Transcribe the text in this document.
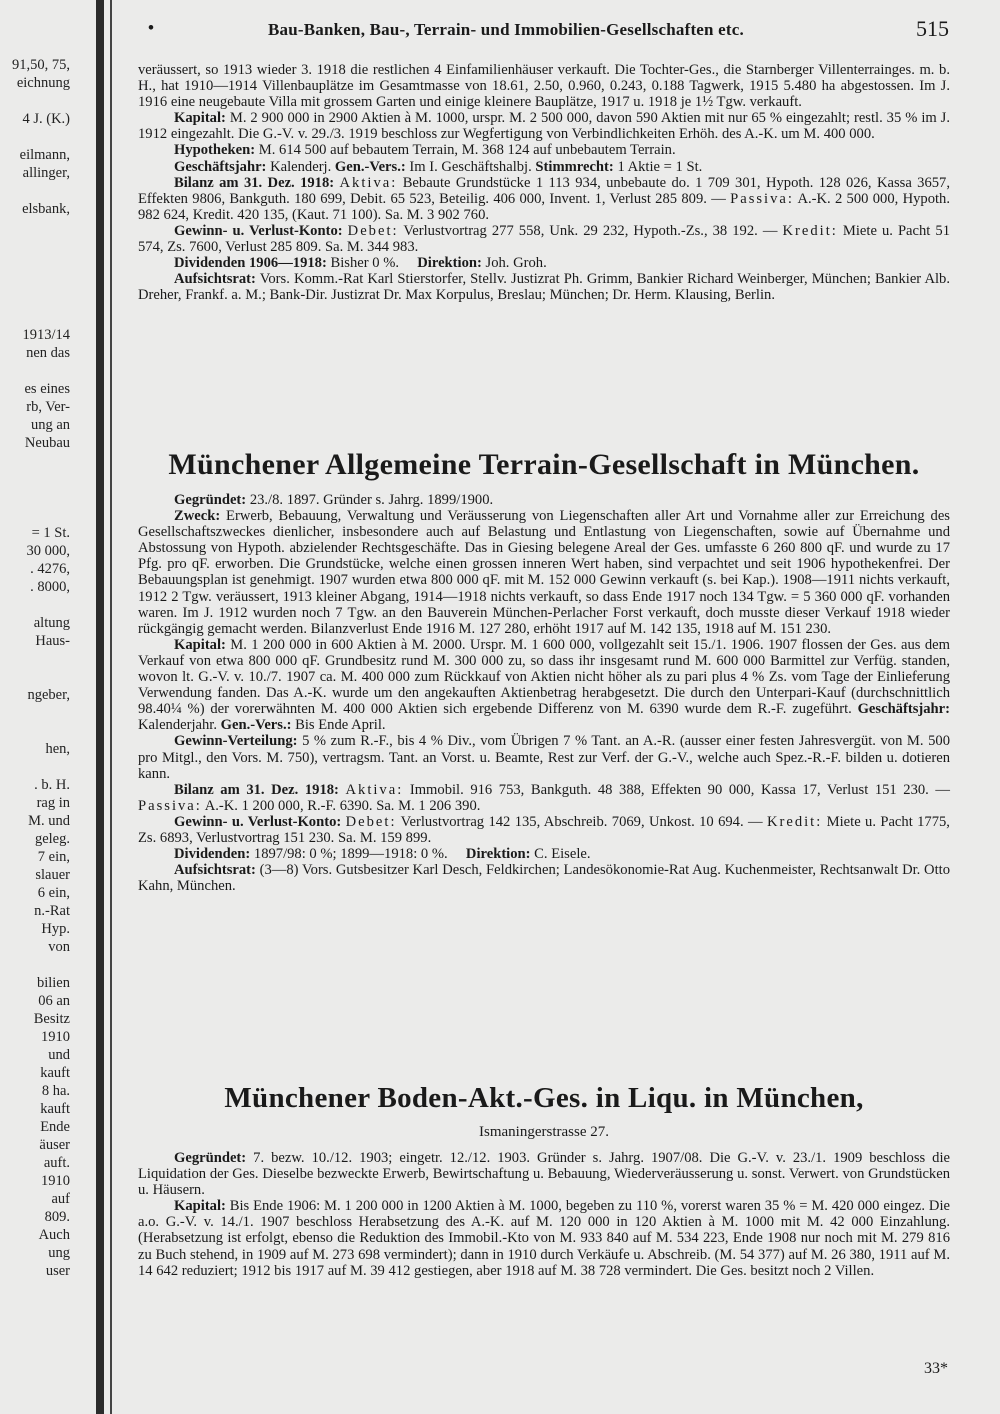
91,50, 75,
eichnung
4 J. (K.)
eilmann,
allinger,
elsbank,
1913/14
nen das
es eines
rb, Ver-
ung an
Neubau
= 1 St.
30 000,
. 4276,
. 8000,
altung
Haus-
ngeber,
hen,
. b. H.
rag in
M. und
geleg.
7 ein,
slauer
6 ein,
n.-Rat
Hyp.
von
bilien
06 an
Besitz
1910
und
kauft
8 ha.
kauft
Ende
äuser
auft.
1910
auf
809.
Auch
ung
user
•	Bau-Banken, Bau-, Terrain- und Immobilien-Gesellschaften etc.	515

veräussert, so 1913 wieder 3. 1918 die restlichen 4 Einfamilienhäuser verkauft. Die Tochter-Ges., die Starnberger Villenterrainges. m. b. H., hat 1910—1914 Villenbauplätze im Gesamtmasse von 18.61, 2.50, 0.960, 0.243, 0.188 Tagwerk, 1915 5.480 ha abgestossen. Im J. 1916 eine neugebaute Villa mit grossem Garten und einige kleinere Bauplätze, 1917 u. 1918 je 1½ Tgw. verkauft.

Kapital: M. 2 900 000 in 2900 Aktien à M. 1000, urspr. M. 2 500 000, davon 590 Aktien mit nur 65 % eingezahlt; restl. 35 % im J. 1912 eingezahlt. Die G.-V. v. 29./3. 1919 beschloss zur Wegfertigung von Verbindlichkeiten Erhöh. des A.-K. um M. 400 000.

Hypotheken: M. 614 500 auf bebautem Terrain, M. 368 124 auf unbebautem Terrain.

Geschäftsjahr: Kalenderj. Gen.-Vers.: Im I. Geschäftshalbj. Stimmrecht: 1 Aktie = 1 St.

Bilanz am 31. Dez. 1918: Aktiva: Bebaute Grundstücke 1 113 934, unbebaute do. 1 709 301, Hypoth. 128 026, Kassa 3657, Effekten 9806, Bankguth. 180 699, Debit. 65 523, Beteilig. 406 000, Invent. 1, Verlust 285 809. — Passiva: A.-K. 2 500 000, Hypoth. 982 624, Kredit. 420 135, (Kaut. 71 100). Sa. M. 3 902 760.

Gewinn- u. Verlust-Konto: Debet: Verlustvortrag 277 558, Unk. 29 232, Hypoth.-Zs., 38 192. — Kredit: Miete u. Pacht 51 574, Zs. 7600, Verlust 285 809. Sa. M. 344 983.

Dividenden 1906—1918: Bisher 0 %. Direktion: Joh. Groh.

Aufsichtsrat: Vors. Komm.-Rat Karl Stierstorfer, Stellv. Justizrat Ph. Grimm, Bankier Richard Weinberger, München; Bankier Alb. Dreher, Frankf. a. M.; Bank-Dir. Justizrat Dr. Max Korpulus, Breslau; München; Dr. Herm. Klausing, Berlin.

Münchener Allgemeine Terrain-Gesellschaft in München.

Gegründet: 23./8. 1897. Gründer s. Jahrg. 1899/1900.

Zweck: Erwerb, Bebauung, Verwaltung und Veräusserung von Liegenschaften aller Art und Vornahme aller zur Erreichung des Gesellschaftszweckes dienlicher, insbesondere auch auf Belastung und Entlastung von Liegenschaften, sowie auf Übernahme und Abstossung von Hypoth. abzielender Rechtsgeschäfte. Das in Giesing belegene Areal der Ges. umfasste 6 260 800 qF. und wurde zu 17 Pfg. pro qF. erworben. Die Grundstücke, welche einen grossen inneren Wert haben, sind verpachtet und seit 1906 hypothekenfrei. Der Bebauungsplan ist genehmigt. 1907 wurden etwa 800 000 qF. mit M. 152 000 Gewinn verkauft (s. bei Kap.). 1908—1911 nichts verkauft, 1912 2 Tgw. veräussert, 1913 kleiner Abgang, 1914—1918 nichts verkauft, so dass Ende 1917 noch 134 Tgw. = 5 360 000 qF. vorhanden waren. Im J. 1912 wurden noch 7 Tgw. an den Bauverein München-Perlacher Forst verkauft, doch musste dieser Verkauf 1918 wieder rückgängig gemacht werden. Bilanzverlust Ende 1916 M. 127 280, erhöht 1917 auf M. 142 135, 1918 auf M. 151 230.

Kapital: M. 1 200 000 in 600 Aktien à M. 2000. Urspr. M. 1 600 000, vollgezahlt seit 15./1. 1906. 1907 flossen der Ges. aus dem Verkauf von etwa 800 000 qF. Grundbesitz rund M. 300 000 zu, so dass ihr insgesamt rund M. 600 000 Barmittel zur Verfüg. standen, wovon lt. G.-V. v. 10./7. 1907 ca. M. 400 000 zum Rückkauf von Aktien nicht höher als zu pari plus 4 % Zs. vom Tage der Einlieferung Verwendung fanden. Das A.-K. wurde um den angekauften Aktienbetrag herabgesetzt. Die durch den Unterpari-Kauf (durchschnittlich 98.40¼ %) der vorerwähnten M. 400 000 Aktien sich ergebende Differenz von M. 6390 wurde dem R.-F. zugeführt. Geschäftsjahr: Kalenderjahr. Gen.-Vers.: Bis Ende April.

Gewinn-Verteilung: 5 % zum R.-F., bis 4 % Div., vom Übrigen 7 % Tant. an A.-R. (ausser einer festen Jahresvergüt. von M. 500 pro Mitgl., den Vors. M. 750), vertragsm. Tant. an Vorst. u. Beamte, Rest zur Verf. der G.-V., welche auch Spez.-R.-F. bilden u. dotieren kann.

Bilanz am 31. Dez. 1918: Aktiva: Immobil. 916 753, Bankguth. 48 388, Effekten 90 000, Kassa 17, Verlust 151 230. — Passiva: A.-K. 1 200 000, R.-F. 6390. Sa. M. 1 206 390.

Gewinn- u. Verlust-Konto: Debet: Verlustvortrag 142 135, Abschreib. 7069, Unkost. 10 694. — Kredit: Miete u. Pacht 1775, Zs. 6893, Verlustvortrag 151 230. Sa. M. 159 899.

Dividenden: 1897/98: 0 %; 1899—1918: 0 %. Direktion: C. Eisele.

Aufsichtsrat: (3—8) Vors. Gutsbesitzer Karl Desch, Feldkirchen; Landesökonomie-Rat Aug. Kuchenmeister, Rechtsanwalt Dr. Otto Kahn, München.

Münchener Boden-Akt.-Ges. in Liqu. in München,
Ismaningerstrasse 27.

Gegründet: 7. bezw. 10./12. 1903; eingetr. 12./12. 1903. Gründer s. Jahrg. 1907/08. Die G.-V. v. 23./1. 1909 beschloss die Liquidation der Ges. Dieselbe bezweckte Erwerb, Bewirtschaftung u. Bebauung, Wiederveräusserung u. sonst. Verwert. von Grundstücken u. Häusern.

Kapital: Bis Ende 1906: M. 1 200 000 in 1200 Aktien à M. 1000, begeben zu 110 %, vorerst waren 35 % = M. 420 000 eingez. Die a.o. G.-V. v. 14./1. 1907 beschloss Herabsetzung des A.-K. auf M. 120 000 in 120 Aktien à M. 1000 mit M. 42 000 Einzahlung. (Herabsetzung ist erfolgt, ebenso die Reduktion des Immobil.-Kto von M. 933 840 auf M. 534 223, Ende 1908 nur noch mit M. 279 816 zu Buch stehend, in 1909 auf M. 273 698 vermindert); dann in 1910 durch Verkäufe u. Abschreib. (M. 54 377) auf M. 26 380, 1911 auf M. 14 642 reduziert; 1912 bis 1917 auf M. 39 412 gestiegen, aber 1918 auf M. 38 728 vermindert. Die Ges. besitzt noch 2 Villen.

33*
